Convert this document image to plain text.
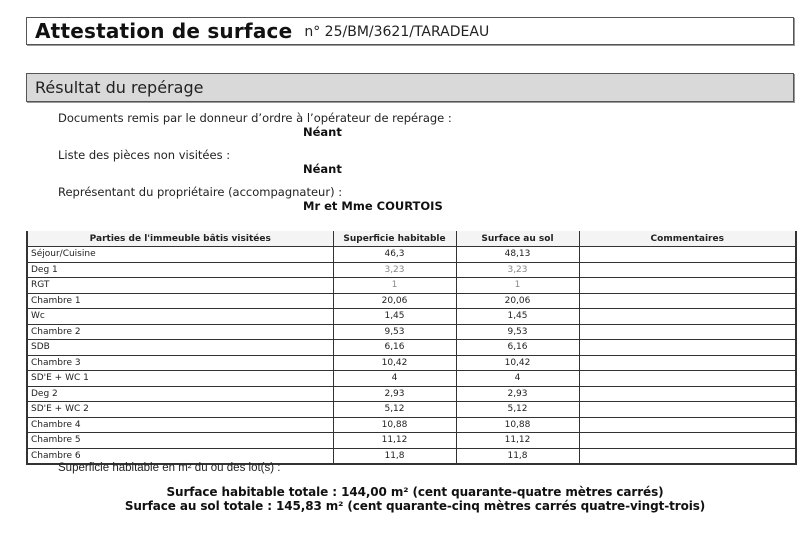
Attestation de surface n° 25/BM/3621/TARADEAU
Résultat du repérage
Documents remis par le donneur d’ordre à l’opérateur de repérage :
Néant
Liste des pièces non visitées :
Néant
Représentant du propriétaire (accompagnateur) :
Mr et Mme COURTOIS
Parties de l'immeuble bâtis visitées	Superficie habitable	Surface au sol	Commentaires
Séjour/Cuisine	46,3	48,13	
Deg 1	3,23	3,23	
RGT	1	1	
Chambre 1	20,06	20,06	
Wc	1,45	1,45	
Chambre 2	9,53	9,53	
SDB	6,16	6,16	
Chambre 3	10,42	10,42	
SD'E + WC 1	4	4	
Deg 2	2,93	2,93	
SD'E + WC 2	5,12	5,12	
Chambre 4	10,88	10,88	
Chambre 5	11,12	11,12	
Chambre 6	11,8	11,8	
Superficie habitable en m² du ou des lot(s) :
Surface habitable totale : 144,00 m² (cent quarante-quatre mètres carrés)
Surface au sol totale : 145,83 m² (cent quarante-cinq mètres carrés quatre-vingt-trois)
